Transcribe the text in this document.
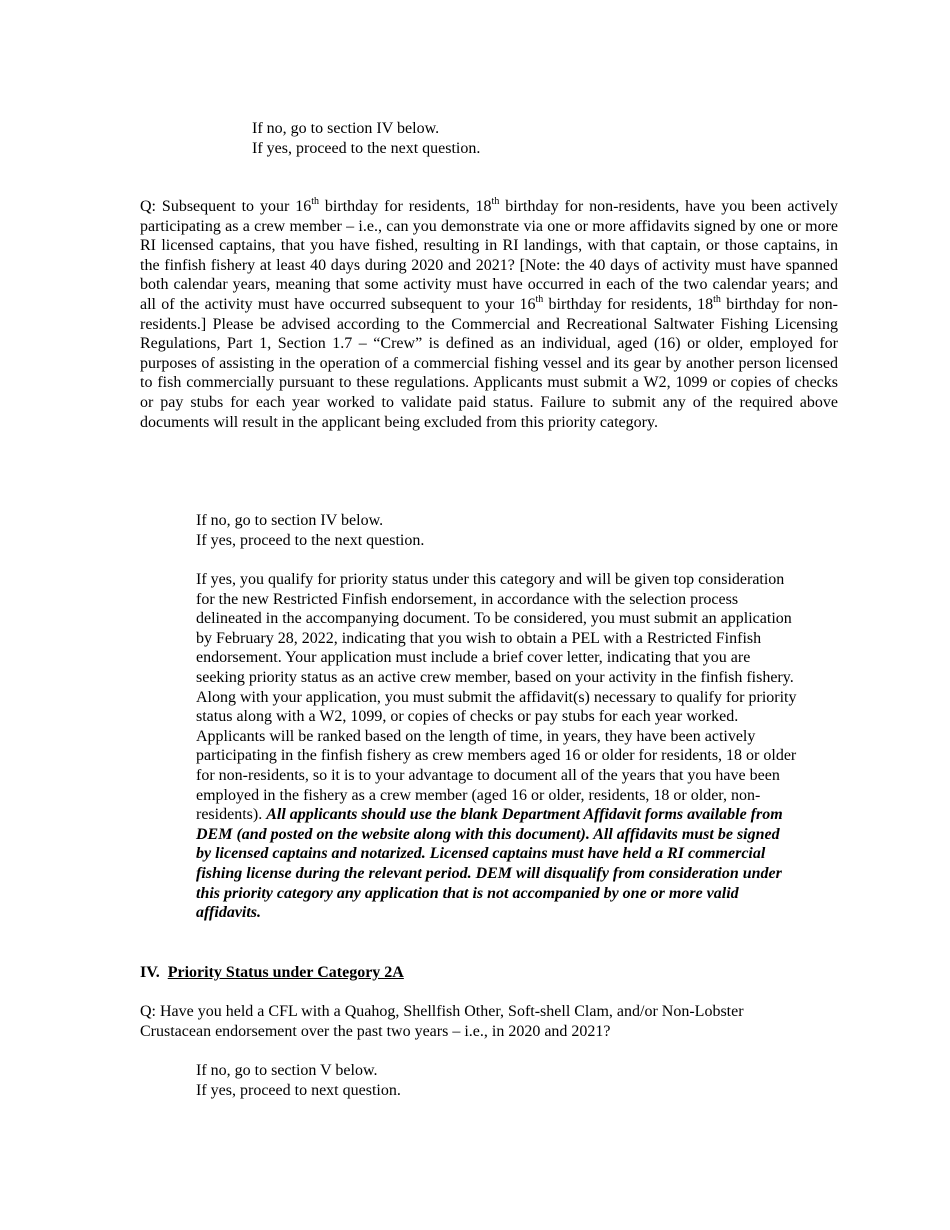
If no, go to section IV below.
If yes, proceed to the next question.

Q: Subsequent to your 16th birthday for residents, 18th birthday for non-residents, have you been actively participating as a crew member – i.e., can you demonstrate via one or more affidavits signed by one or more RI licensed captains, that you have fished, resulting in RI landings, with that captain, or those captains, in the finfish fishery at least 40 days during 2020 and 2021? [Note: the 40 days of activity must have spanned both calendar years, meaning that some activity must have occurred in each of the two calendar years; and all of the activity must have occurred subsequent to your 16th birthday for residents, 18th birthday for non-residents.] Please be advised according to the Commercial and Recreational Saltwater Fishing Licensing Regulations, Part 1, Section 1.7 – “Crew” is defined as an individual, aged (16) or older, employed for purposes of assisting in the operation of a commercial fishing vessel and its gear by another person licensed to fish commercially pursuant to these regulations. Applicants must submit a W2, 1099 or copies of checks or pay stubs for each year worked to validate paid status. Failure to submit any of the required above documents will result in the applicant being excluded from this priority category.

If no, go to section IV below.
If yes, proceed to the next question.
If yes, you qualify for priority status under this category and will be given top consideration
for the new Restricted Finfish endorsement, in accordance with the selection process
delineated in the accompanying document. To be considered, you must submit an application
by February 28, 2022, indicating that you wish to obtain a PEL with a Restricted Finfish
endorsement. Your application must include a brief cover letter, indicating that you are
seeking priority status as an active crew member, based on your activity in the finfish fishery.
Along with your application, you must submit the affidavit(s) necessary to qualify for priority
status along with a W2, 1099, or copies of checks or pay stubs for each year worked.
Applicants will be ranked based on the length of time, in years, they have been actively
participating in the finfish fishery as crew members aged 16 or older for residents, 18 or older
for non-residents, so it is to your advantage to document all of the years that you have been
employed in the fishery as a crew member (aged 16 or older, residents, 18 or older, non-
residents). All applicants should use the blank Department Affidavit forms available from
DEM (and posted on the website along with this document). All affidavits must be signed
by licensed captains and notarized. Licensed captains must have held a RI commercial
fishing license during the relevant period. DEM will disqualify from consideration under
this priority category any application that is not accompanied by one or more valid
affidavits.
IV. Priority Status under Category 2A
Q: Have you held a CFL with a Quahog, Shellfish Other, Soft-shell Clam, and/or Non-Lobster
Crustacean endorsement over the past two years – i.e., in 2020 and 2021?
If no, go to section V below.
If yes, proceed to next question.
